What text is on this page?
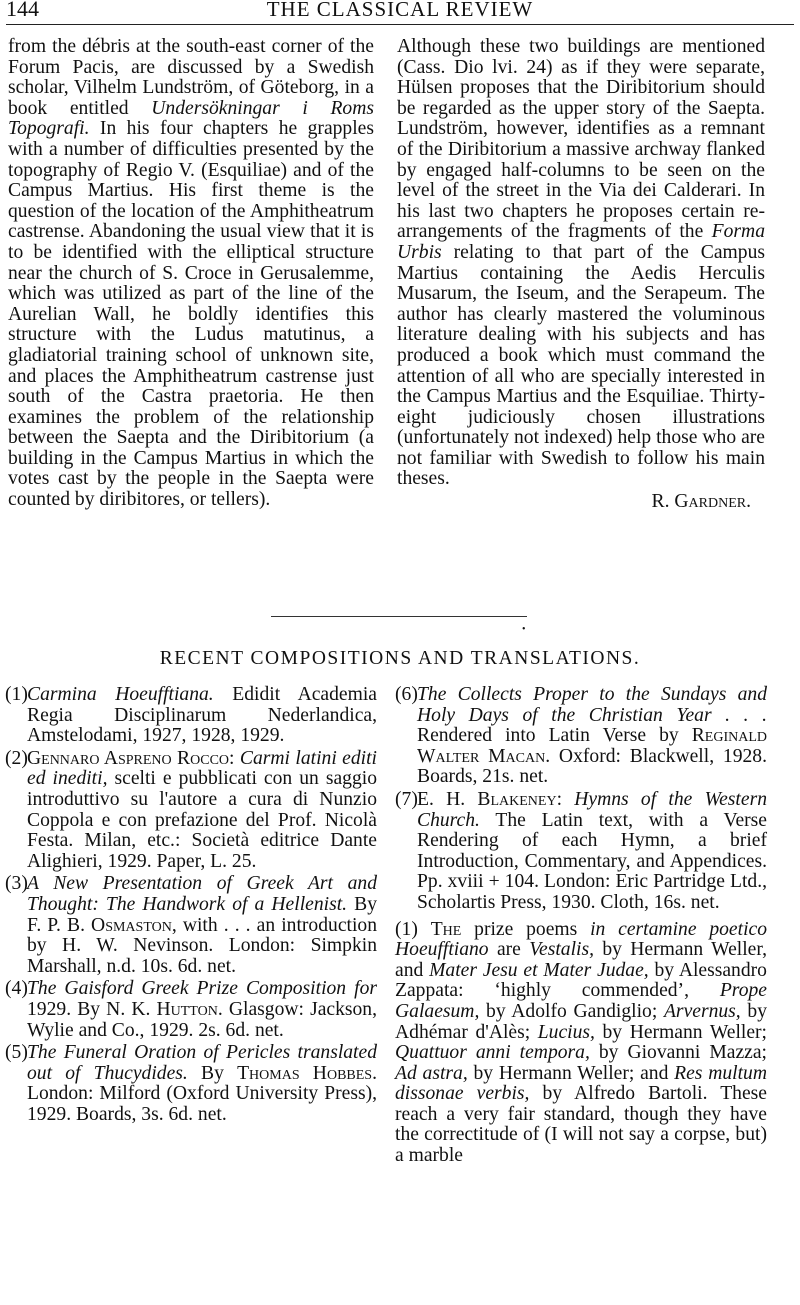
144	THE CLASSICAL REVIEW

from the débris at the south-east corner of the Forum Pacis, are discussed by a Swedish scholar, Vilhelm Lundström, of Göteborg, in a book entitled Undersökningar i Roms Topografi. In his four chapters he grapples with a number of difficulties presented by the topography of Regio V. (Esquiliae) and of the Campus Martius. His first theme is the question of the location of the Amphitheatrum castrense. Abandoning the usual view that it is to be identified with the elliptical structure near the church of S. Croce in Gerusalemme, which was utilized as part of the line of the Aurelian Wall, he boldly identifies this structure with the Ludus matutinus, a gladiatorial training school of unknown site, and places the Amphitheatrum castrense just south of the Castra praetoria. He then examines the problem of the relationship between the Saepta and the Diribitorium (a building in the Campus Martius in which the votes cast by the people in the Saepta were counted by diribitores, or tellers).

Although these two buildings are mentioned (Cass. Dio lvi. 24) as if they were separate, Hülsen proposes that the Diribitorium should be regarded as the upper story of the Saepta. Lundström, however, identifies as a remnant of the Diribitorium a massive archway flanked by engaged half-columns to be seen on the level of the street in the Via dei Calderari. In his last two chapters he proposes certain re-arrangements of the fragments of the Forma Urbis relating to that part of the Campus Martius containing the Aedis Herculis Musarum, the Iseum, and the Serapeum. The author has clearly mastered the voluminous literature dealing with his subjects and has produced a book which must command the attention of all who are specially interested in the Campus Martius and the Esquiliae. Thirty-eight judiciously chosen illustrations (unfortunately not indexed) help those who are not familiar with Swedish to follow his main theses.

R. Gardner.
•
RECENT COMPOSITIONS AND TRANSLATIONS.
(1) Carmina Hoeufftiana. Edidit Academia Regia Disciplinarum Nederlandica, Amstelodami, 1927, 1928, 1929.
(2) Gennaro Aspreno Rocco: Carmi latini editi ed inediti, scelti e pubblicati con un saggio introduttivo su l'autore a cura di Nunzio Coppola e con prefazione del Prof. Nicolà Festa. Milan, etc.: Società editrice Dante Alighieri, 1929. Paper, L. 25.
(3) A New Presentation of Greek Art and Thought: The Handwork of a Hellenist. By F. P. B. Osmaston, with . . . an introduction by H. W. Nevinson. London: Simpkin Marshall, n.d. 10s. 6d. net.
(4) The Gaisford Greek Prize Composition for 1929. By N. K. Hutton. Glasgow: Jackson, Wylie and Co., 1929. 2s. 6d. net.
(5) The Funeral Oration of Pericles translated out of Thucydides. By Thomas Hobbes. London: Milford (Oxford University Press), 1929. Boards, 3s. 6d. net.
(6) The Collects Proper to the Sundays and Holy Days of the Christian Year . . . Rendered into Latin Verse by Reginald Walter Macan. Oxford: Blackwell, 1928. Boards, 21s. net.
(7) E. H. Blakeney: Hymns of the Western Church. The Latin text, with a Verse Rendering of each Hymn, a brief Introduction, Commentary, and Appendices. Pp. xviii + 104. London: Eric Partridge Ltd., Scholartis Press, 1930. Cloth, 16s. net.

(1) The prize poems in certamine poetico Hoeufftiano are Vestalis, by Hermann Weller, and Mater Jesu et Mater Judae, by Alessandro Zappata: ‘highly commended’, Prope Galaesum, by Adolfo Gandiglio; Arvernus, by Adhémar d'Alès; Lucius, by Hermann Weller; Quattuor anni tempora, by Giovanni Mazza; Ad astra, by Hermann Weller; and Res multum dissonae verbis, by Alfredo Bartoli. These reach a very fair standard, though they have the correctitude of (I will not say a corpse, but) a marble
